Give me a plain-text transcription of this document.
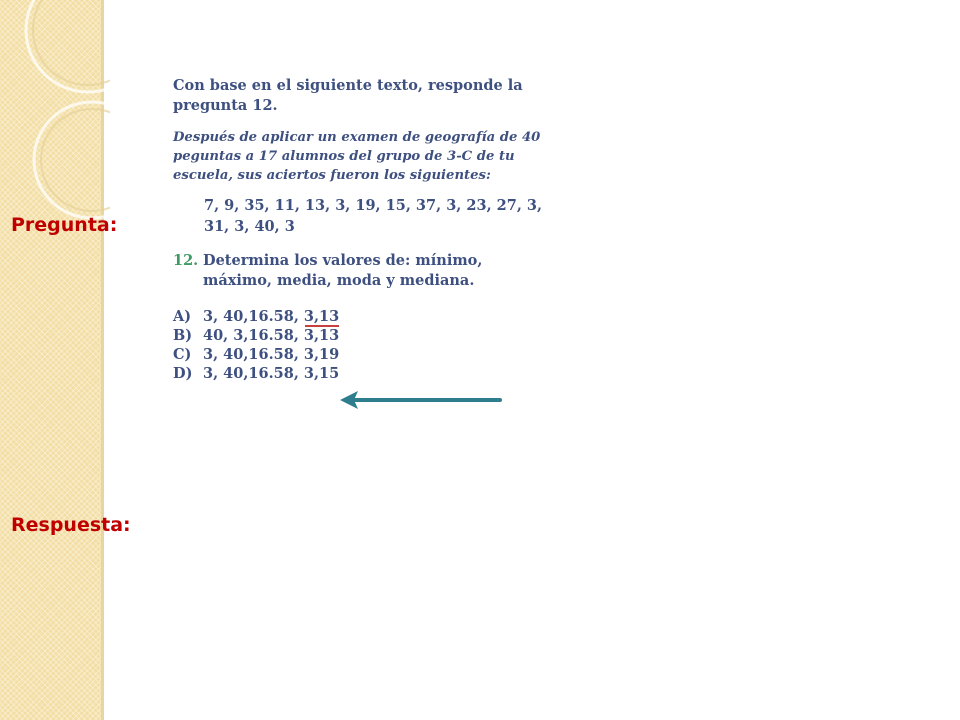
Pregunta:
Respuesta:

Con base en el siguiente texto, responde la pregunta 12.

Después de aplicar un examen de geografía de 40 peguntas a 17 alumnos del grupo de 3-C de tu escuela, sus aciertos fueron los siguientes:

7, 9, 35, 11, 13, 3, 19, 15, 37, 3, 23, 27, 3, 31, 3, 40, 3

12. Determina los valores de: mínimo, máximo, media, moda y mediana.
A) 3, 40,16.58, 3,13
B) 40, 3,16.58, 3,13
C) 3, 40,16.58, 3,19
D) 3, 40,16.58, 3,15
